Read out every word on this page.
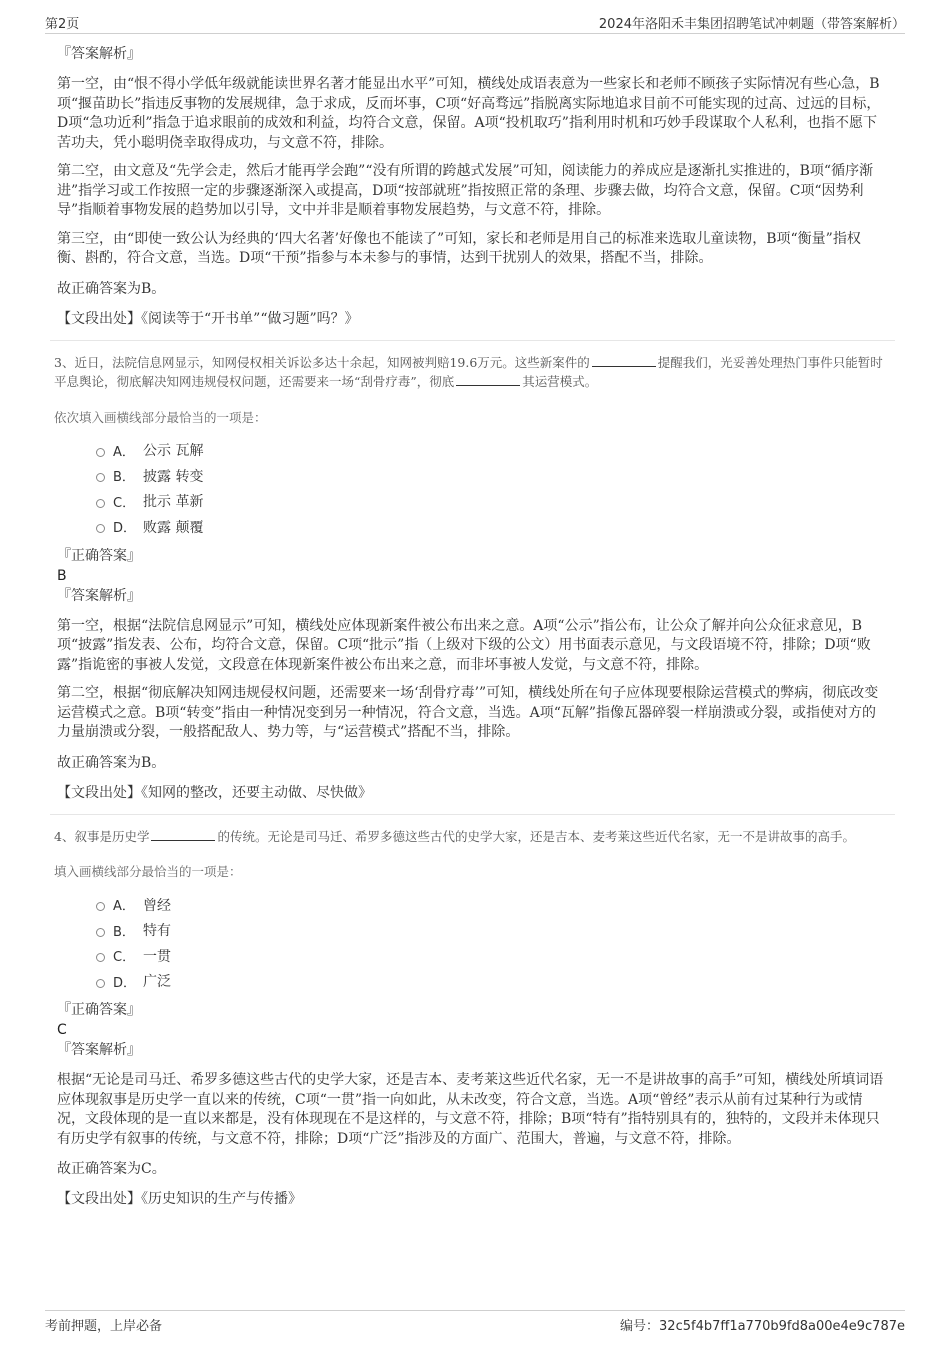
第2页	2024年洛阳禾丰集团招聘笔试冲刺题（带答案解析）
『答案解析』
第一空，由“恨不得小学低年级就能读世界名著才能显出水平”可知，横线处成语表意为一些家长和老师不顾孩子实际情况有些心急，B项“揠苗助长”指违反事物的发展规律，急于求成，反而坏事，C项“好高骛远”指脱离实际地追求目前不可能实现的过高、过远的目标，D项“急功近利”指急于追求眼前的成效和利益，均符合文意，保留。A项“投机取巧”指利用时机和巧妙手段谋取个人私利，也指不愿下苦功夫，凭小聪明侥幸取得成功，与文意不符，排除。
第二空，由文意及“先学会走，然后才能再学会跑”“没有所谓的跨越式发展”可知，阅读能力的养成应是逐渐扎实推进的，B项“循序渐进”指学习或工作按照一定的步骤逐渐深入或提高，D项“按部就班”指按照正常的条理、步骤去做，均符合文意，保留。C项“因势利导”指顺着事物发展的趋势加以引导，文中并非是顺着事物发展趋势，与文意不符，排除。
第三空，由“即使一致公认为经典的‘四大名著’好像也不能读了”可知，家长和老师是用自己的标准来选取儿童读物，B项“衡量”指权衡、斟酌，符合文意，当选。D项“干预”指参与本未参与的事情，达到干扰别人的效果，搭配不当，排除。
故正确答案为B。
【文段出处】《阅读等于“开书单”“做习题”吗？》
3、近日，法院信息网显示，知网侵权相关诉讼多达十余起，知网被判赔19.6万元。这些新案件的	提醒我们，光妥善处理热门事件只能暂时平息舆论，彻底解决知网违规侵权问题，还需要来一场“刮骨疗毒”，彻底	其运营模式。
依次填入画横线部分最恰当的一项是：
A． 公示 瓦解
B． 披露 转变
C． 批示 革新
D． 败露 颠覆
『正确答案』
B
『答案解析』
第一空，根据“法院信息网显示”可知，横线处应体现新案件被公布出来之意。A项“公示”指公布，让公众了解并向公众征求意见，B项“披露”指发表、公布，均符合文意，保留。C项“批示”指（上级对下级的公文）用书面表示意见，与文段语境不符，排除；D项“败露”指诡密的事被人发觉，文段意在体现新案件被公布出来之意，而非坏事被人发觉，与文意不符，排除。
第二空，根据“彻底解决知网违规侵权问题，还需要来一场‘刮骨疗毒’”可知，横线处所在句子应体现要根除运营模式的弊病，彻底改变运营模式之意。B项“转变”指由一种情况变到另一种情况，符合文意，当选。A项“瓦解”指像瓦器碎裂一样崩溃或分裂，或指使对方的力量崩溃或分裂，一般搭配敌人、势力等，与“运营模式”搭配不当，排除。
故正确答案为B。
【文段出处】《知网的整改，还要主动做、尽快做》
4、叙事是历史学	的传统。无论是司马迁、希罗多德这些古代的史学大家，还是吉本、麦考莱这些近代名家，无一不是讲故事的高手。
填入画横线部分最恰当的一项是：
A． 曾经
B． 特有
C． 一贯
D． 广泛
『正确答案』
C
『答案解析』
根据“无论是司马迁、希罗多德这些古代的史学大家，还是吉本、麦考莱这些近代名家，无一不是讲故事的高手”可知，横线处所填词语应体现叙事是历史学一直以来的传统，C项“一贯”指一向如此，从未改变，符合文意，当选。A项“曾经”表示从前有过某种行为或情况，文段体现的是一直以来都是，没有体现现在不是这样的，与文意不符，排除；B项“特有”指特别具有的，独特的，文段并未体现只有历史学有叙事的传统，与文意不符，排除；D项“广泛”指涉及的方面广、范围大，普遍，与文意不符，排除。
故正确答案为C。
【文段出处】《历史知识的生产与传播》
考前押题，上岸必备	编号：32c5f4b7ff1a770b9fd8a00e4e9c787e
